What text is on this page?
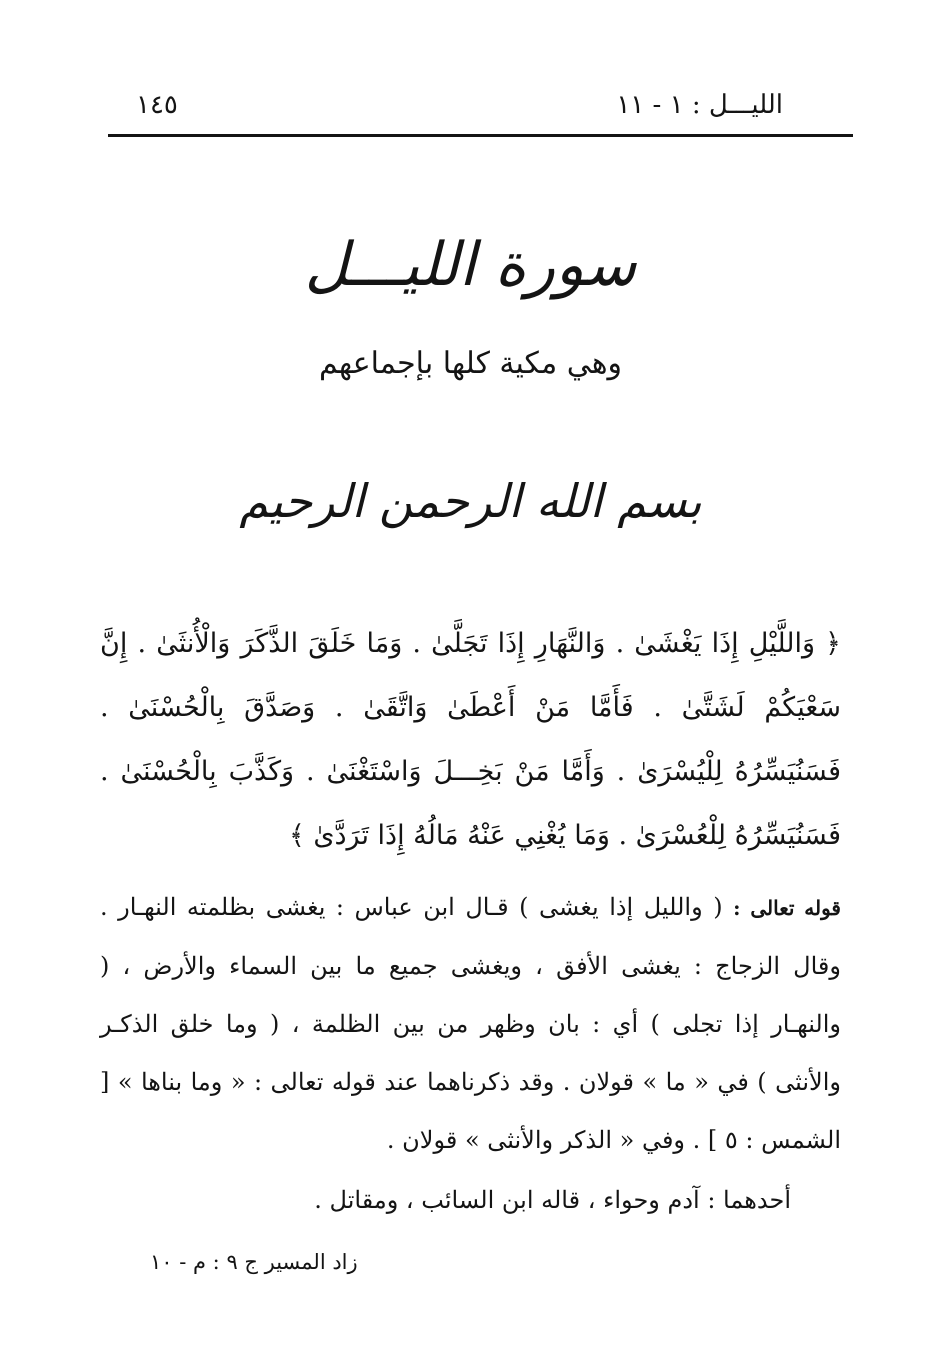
الليـــل : ١ - ١١
١٤٥
سورة الليـــل
وهي مكية كلها بإجماعهم
بسم الله الرحمن الرحيم
﴿ وَاللَّيْلِ إِذَا يَغْشَىٰ . وَالنَّهَارِ إِذَا تَجَلَّىٰ . وَمَا خَلَقَ الذَّكَرَ وَالْأُنثَىٰ . إِنَّ سَعْيَكُمْ لَشَتَّىٰ . فَأَمَّا مَنْ أَعْطَىٰ وَاتَّقَىٰ . وَصَدَّقَ بِالْحُسْنَىٰ . فَسَنُيَسِّرُهُ لِلْيُسْرَىٰ . وَأَمَّا مَنْ بَخِـــلَ وَاسْتَغْنَىٰ . وَكَذَّبَ بِالْحُسْنَىٰ . فَسَنُيَسِّرُهُ لِلْعُسْرَىٰ . وَمَا يُغْنِي عَنْهُ مَالُهُ إِذَا تَرَدَّىٰ ﴾
قوله تعالى : ( والليل إذا يغشى ) قـال ابن عباس : يغشى بظلمته النهـار . وقال الزجاج : يغشى الأفق ، ويغشى جميع ما بين السماء والأرض ، ( والنهـار إذا تجلى ) أي : بان وظهر من بين الظلمة ، ( وما خلق الذكـر والأنثى ) في « ما » قولان . وقد ذكرناهما عند قوله تعالى : « وما بناها » [ الشمس : ٥ ] . وفي « الذكر والأنثى » قولان .
أحدهما : آدم وحواء ، قاله ابن السائب ، ومقاتل .
زاد المسير ج ٩ : م - ١٠
